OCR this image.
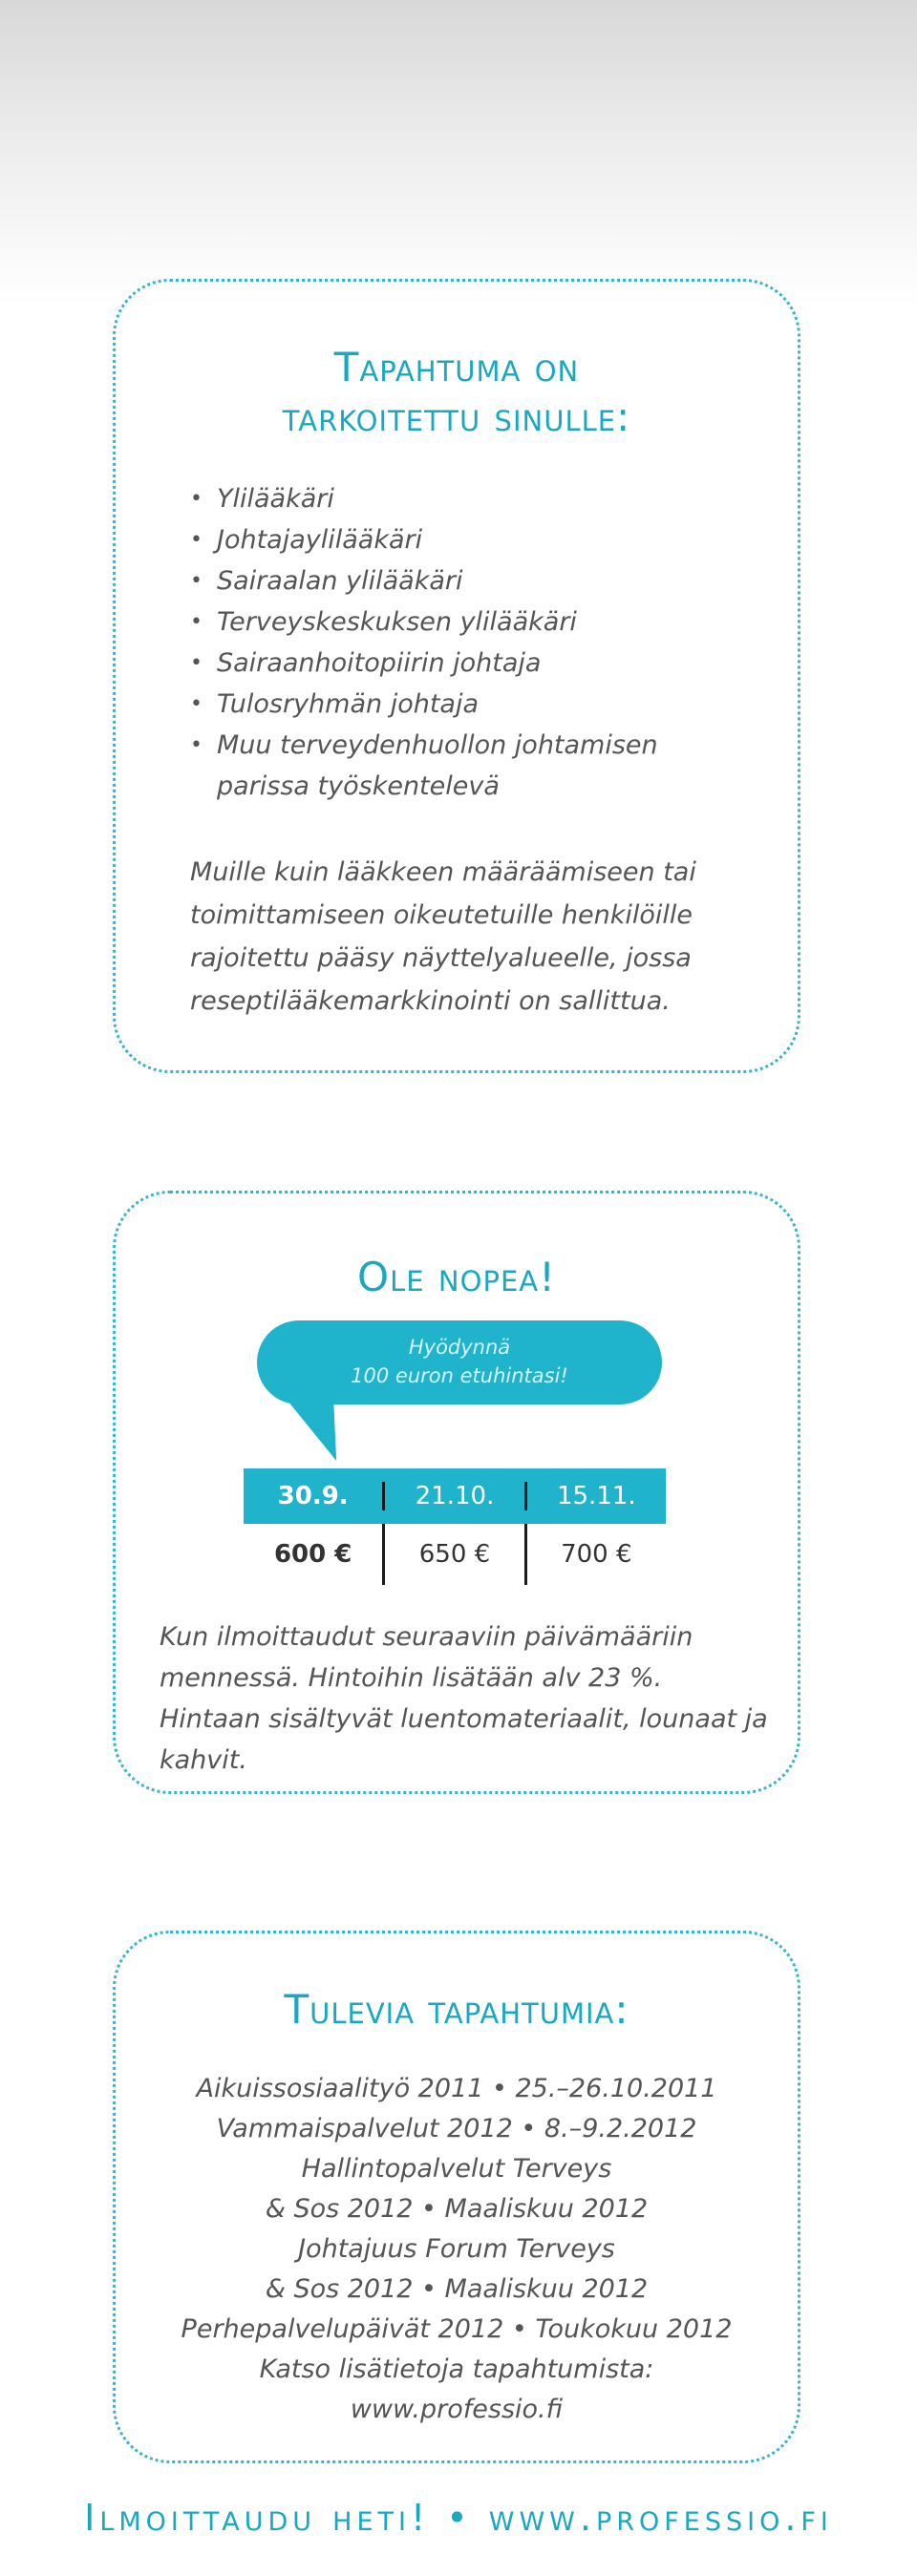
Tapahtuma on
tarkoitettu sinulle:
• Ylilääkäri
• Johtajaylilääkäri
• Sairaalan ylilääkäri
• Terveyskeskuksen ylilääkäri
• Sairaanhoitopiirin johtaja
• Tulosryhmän johtaja
• Muu terveydenhuollon johtamisen parissa työskentelevä

Muille kuin lääkkeen määräämiseen tai toimittamiseen oikeutetuille henkilöille rajoitettu pääsy näyttelyalueelle, jossa reseptilääkemarkkinointi on sallittua.

Ole nopea!
Hyödynnä
100 euron etuhintasi!
30.9.	21.10.	15.11.
600 €	650 €	700 €

Kun ilmoittaudut seuraaviin päivämääriin mennessä. Hintoihin lisätään alv 23 %. Hintaan sisältyvät luentomateriaalit, lounaat ja kahvit.

Tulevia tapahtumia:
Aikuissosiaalityö 2011 • 25.–26.10.2011
Vammaispalvelut 2012 • 8.–9.2.2012
Hallintopalvelut Terveys
& Sos 2012 • Maaliskuu 2012
Johtajuus Forum Terveys
& Sos 2012 • Maaliskuu 2012
Perhepalvelupäivät 2012 • Toukokuu 2012
Katso lisätietoja tapahtumista:
www.professio.fi
Ilmoittaudu heti! • www.professio.fi
